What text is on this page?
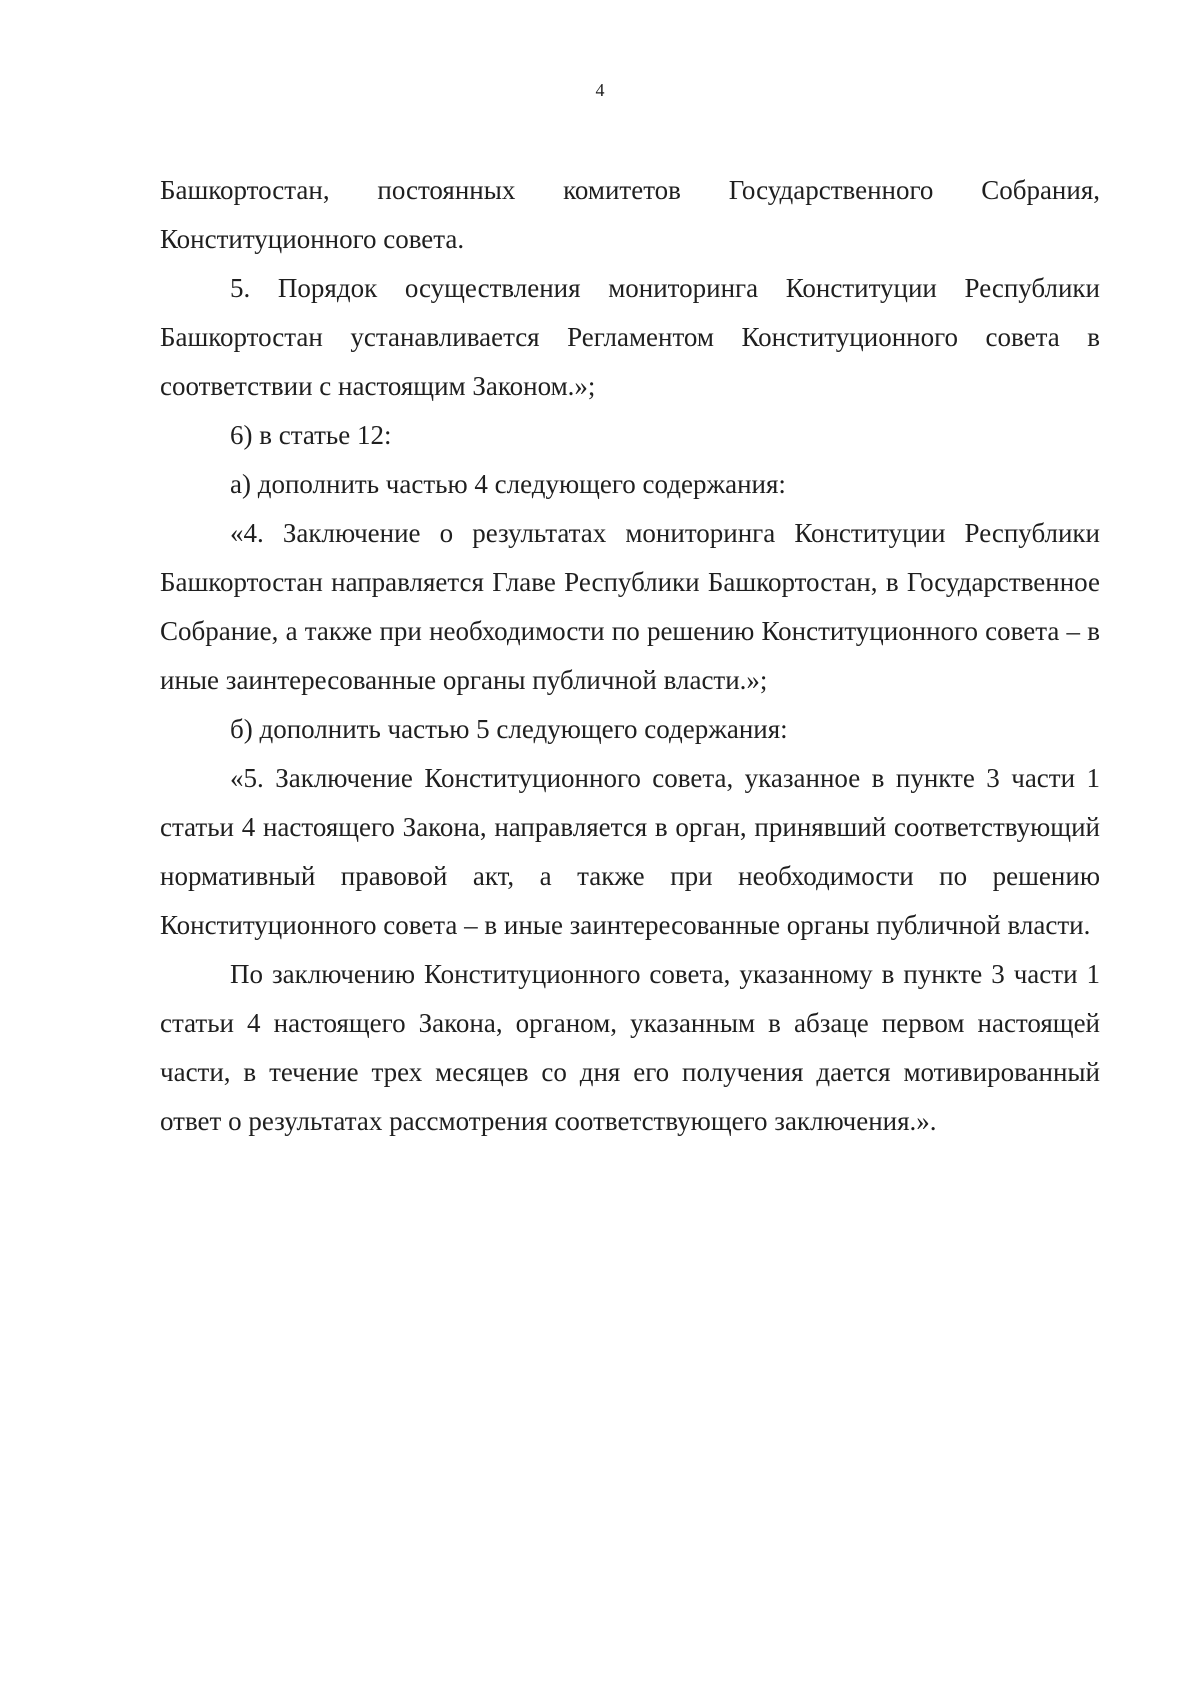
4

Башкортостан, постоянных комитетов Государственного Собрания, Конституционного совета.

5. Порядок осуществления мониторинга Конституции Республики Башкортостан устанавливается Регламентом Конституционного совета в соответствии с настоящим Законом.»;

6) в статье 12:

а) дополнить частью 4 следующего содержания:

«4. Заключение о результатах мониторинга Конституции Республики Башкортостан направляется Главе Республики Башкортостан, в Государственное Собрание, а также при необходимости по решению Конституционного совета – в иные заинтересованные органы публичной власти.»;

б) дополнить частью 5 следующего содержания:

«5. Заключение Конституционного совета, указанное в пункте 3 части 1 статьи 4 настоящего Закона, направляется в орган, принявший соответствующий нормативный правовой акт, а также при необходимости по решению Конституционного совета – в иные заинтересованные органы публичной власти.

По заключению Конституционного совета, указанному в пункте 3 части 1 статьи 4 настоящего Закона, органом, указанным в абзаце первом настоящей части, в течение трех месяцев со дня его получения дается мотивированный ответ о результатах рассмотрения соответствующего заключения.».
